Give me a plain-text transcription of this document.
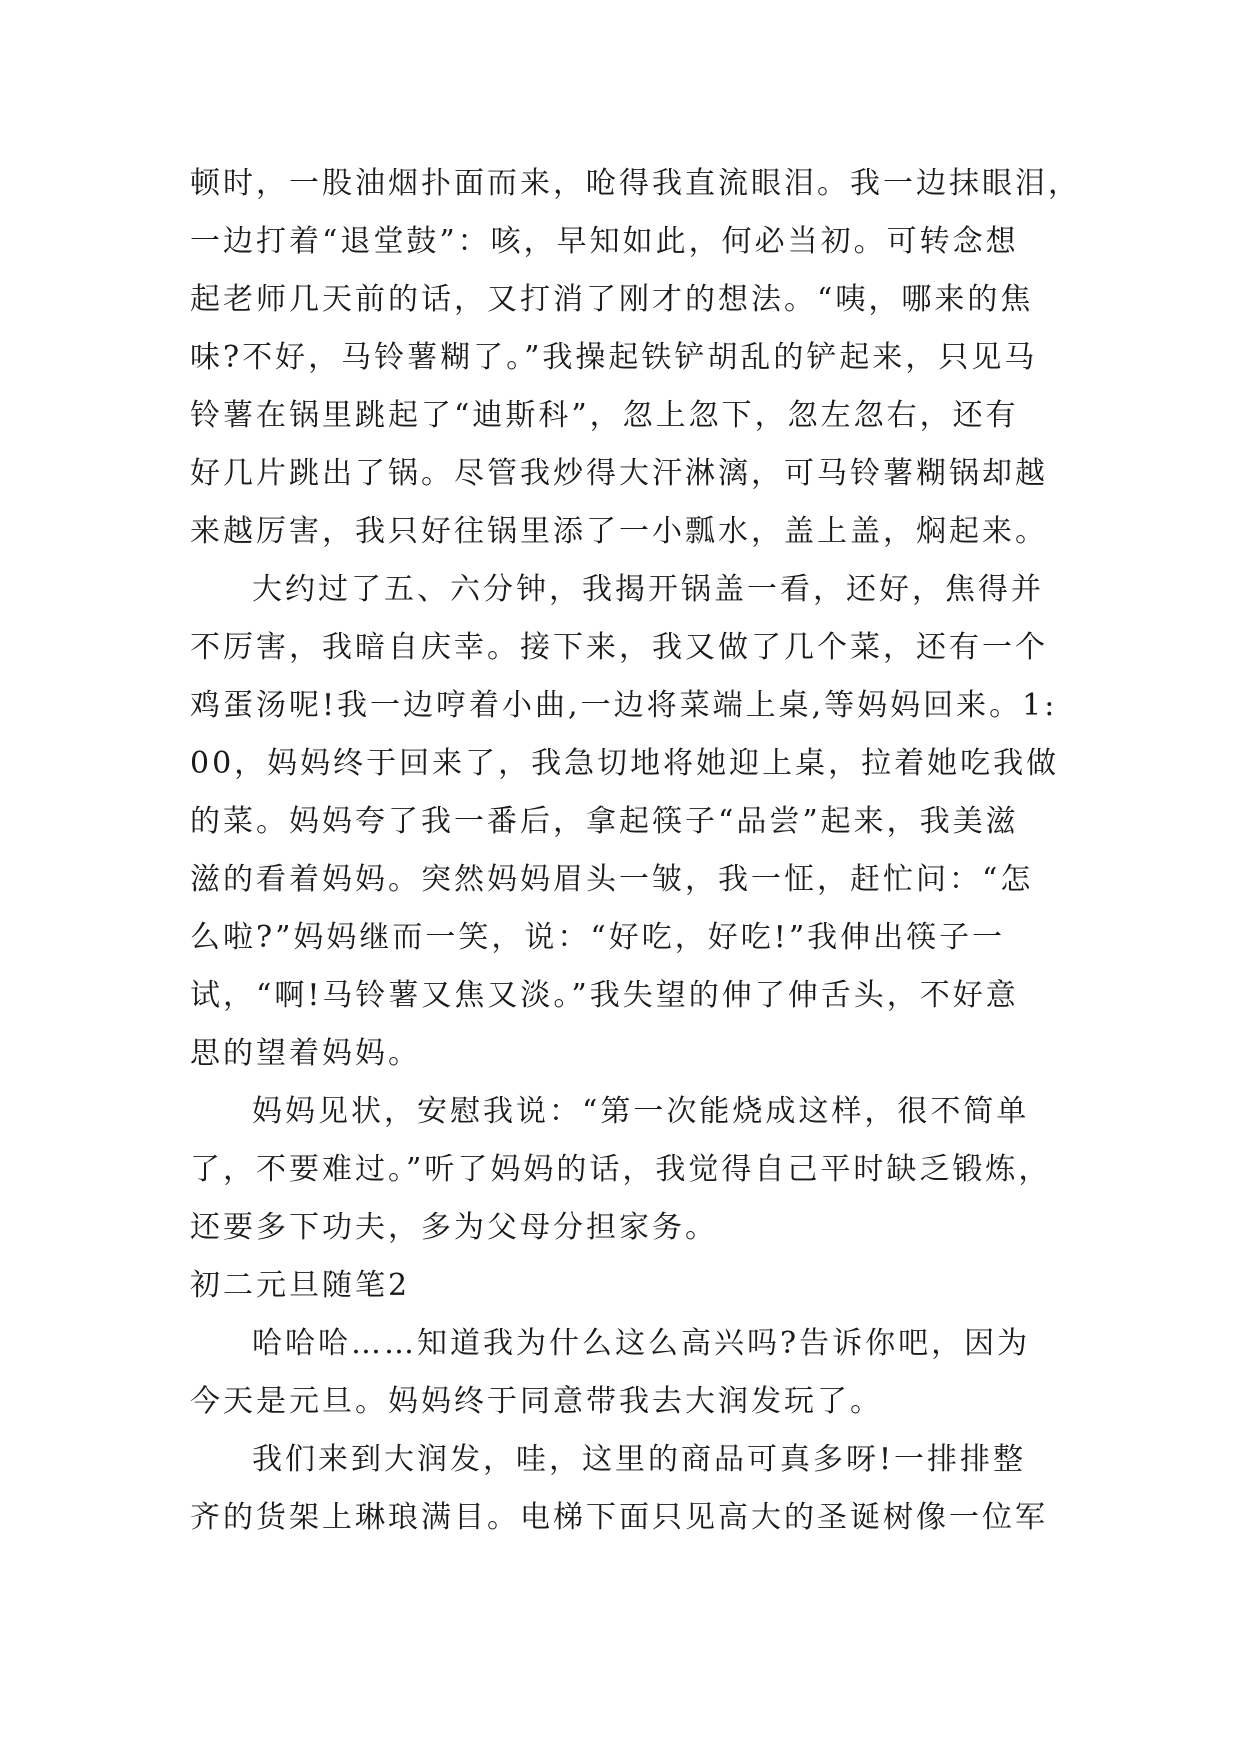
顿时，一股油烟扑面而来，呛得我直流眼泪。我一边抹眼泪，
一边打着“退堂鼓”：咳，早知如此，何必当初。可转念想
起老师几天前的话，又打消了刚才的想法。“咦，哪来的焦
味?不好，马铃薯糊了。”我操起铁铲胡乱的铲起来，只见马
铃薯在锅里跳起了“迪斯科”，忽上忽下，忽左忽右，还有
好几片跳出了锅。尽管我炒得大汗淋漓，可马铃薯糊锅却越
来越厉害，我只好往锅里添了一小瓢水，盖上盖，焖起来。
大约过了五、六分钟，我揭开锅盖一看，还好，焦得并
不厉害，我暗自庆幸。接下来，我又做了几个菜，还有一个
鸡蛋汤呢!我一边哼着小曲,一边将菜端上桌,等妈妈回来。1:
00，妈妈终于回来了，我急切地将她迎上桌，拉着她吃我做
的菜。妈妈夸了我一番后，拿起筷子“品尝”起来，我美滋
滋的看着妈妈。突然妈妈眉头一皱，我一怔，赶忙问：“怎
么啦?”妈妈继而一笑，说：“好吃，好吃!”我伸出筷子一
试，“啊!马铃薯又焦又淡。”我失望的伸了伸舌头，不好意
思的望着妈妈。
妈妈见状，安慰我说：“第一次能烧成这样，很不简单
了，不要难过。”听了妈妈的话，我觉得自己平时缺乏锻炼，
还要多下功夫，多为父母分担家务。
初二元旦随笔2
哈哈哈……知道我为什么这么高兴吗?告诉你吧，因为
今天是元旦。妈妈终于同意带我去大润发玩了。
我们来到大润发，哇，这里的商品可真多呀!一排排整
齐的货架上琳琅满目。电梯下面只见高大的圣诞树像一位军
